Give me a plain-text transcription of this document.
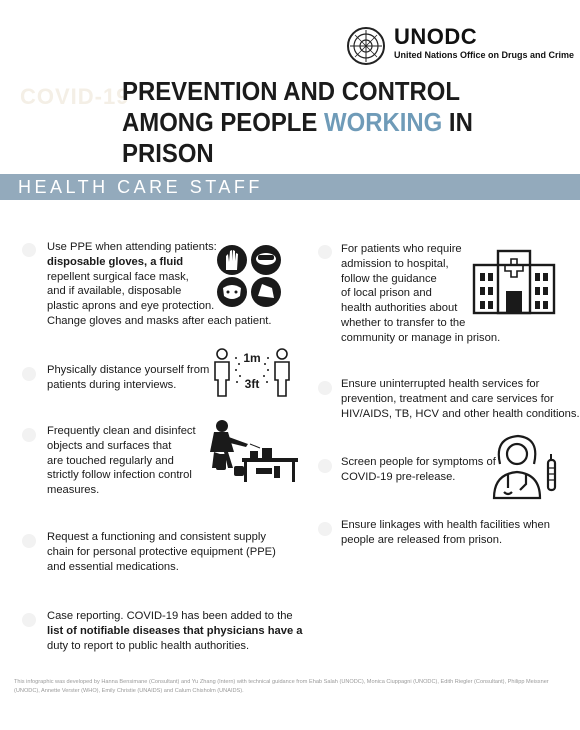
UNODC
United Nations Office on Drugs and Crime
COVID-19
PREVENTION AND CONTROL
AMONG PEOPLE WORKING IN PRISON
HEALTH CARE STAFF
Use PPE when attending patients:
disposable gloves, a fluid
repellent surgical face mask,
and if available, disposable
plastic aprons and eye protection.
Change gloves and masks after each patient.
Physically distance yourself from
patients during interviews.
1m
3ft
Frequently clean and disinfect
objects and surfaces that
are touched regularly and
strictly follow infection control
measures.
Request a functioning and consistent supply
chain for personal protective equipment (PPE)
and essential medications.
Case reporting. COVID-19 has been added to the
list of notifiable diseases that physicians have a
duty to report to public health authorities.
For patients who require
admission to hospital,
follow the guidance
of local prison and
health authorities about
whether to transfer to the
community or manage in prison.
Ensure uninterrupted health services for
prevention, treatment and care services for
HIV/AIDS, TB, HCV and other health conditions.
Screen people for symptoms of
COVID-19 pre-release.
Ensure linkages with health facilities when
people are released from prison.
This infographic was developed by Hanna Bensimane (Consultant) and Yu Zhang (Intern) with technical guidance from Ehab Salah (UNODC), Monica Ciuppagni (UNODC), Edith Riegler (Consultant), Philipp Meissner
(UNODC), Annette Verster (WHO), Emily Christie (UNAIDS) and Calum Chisholm (UNAIDS).
